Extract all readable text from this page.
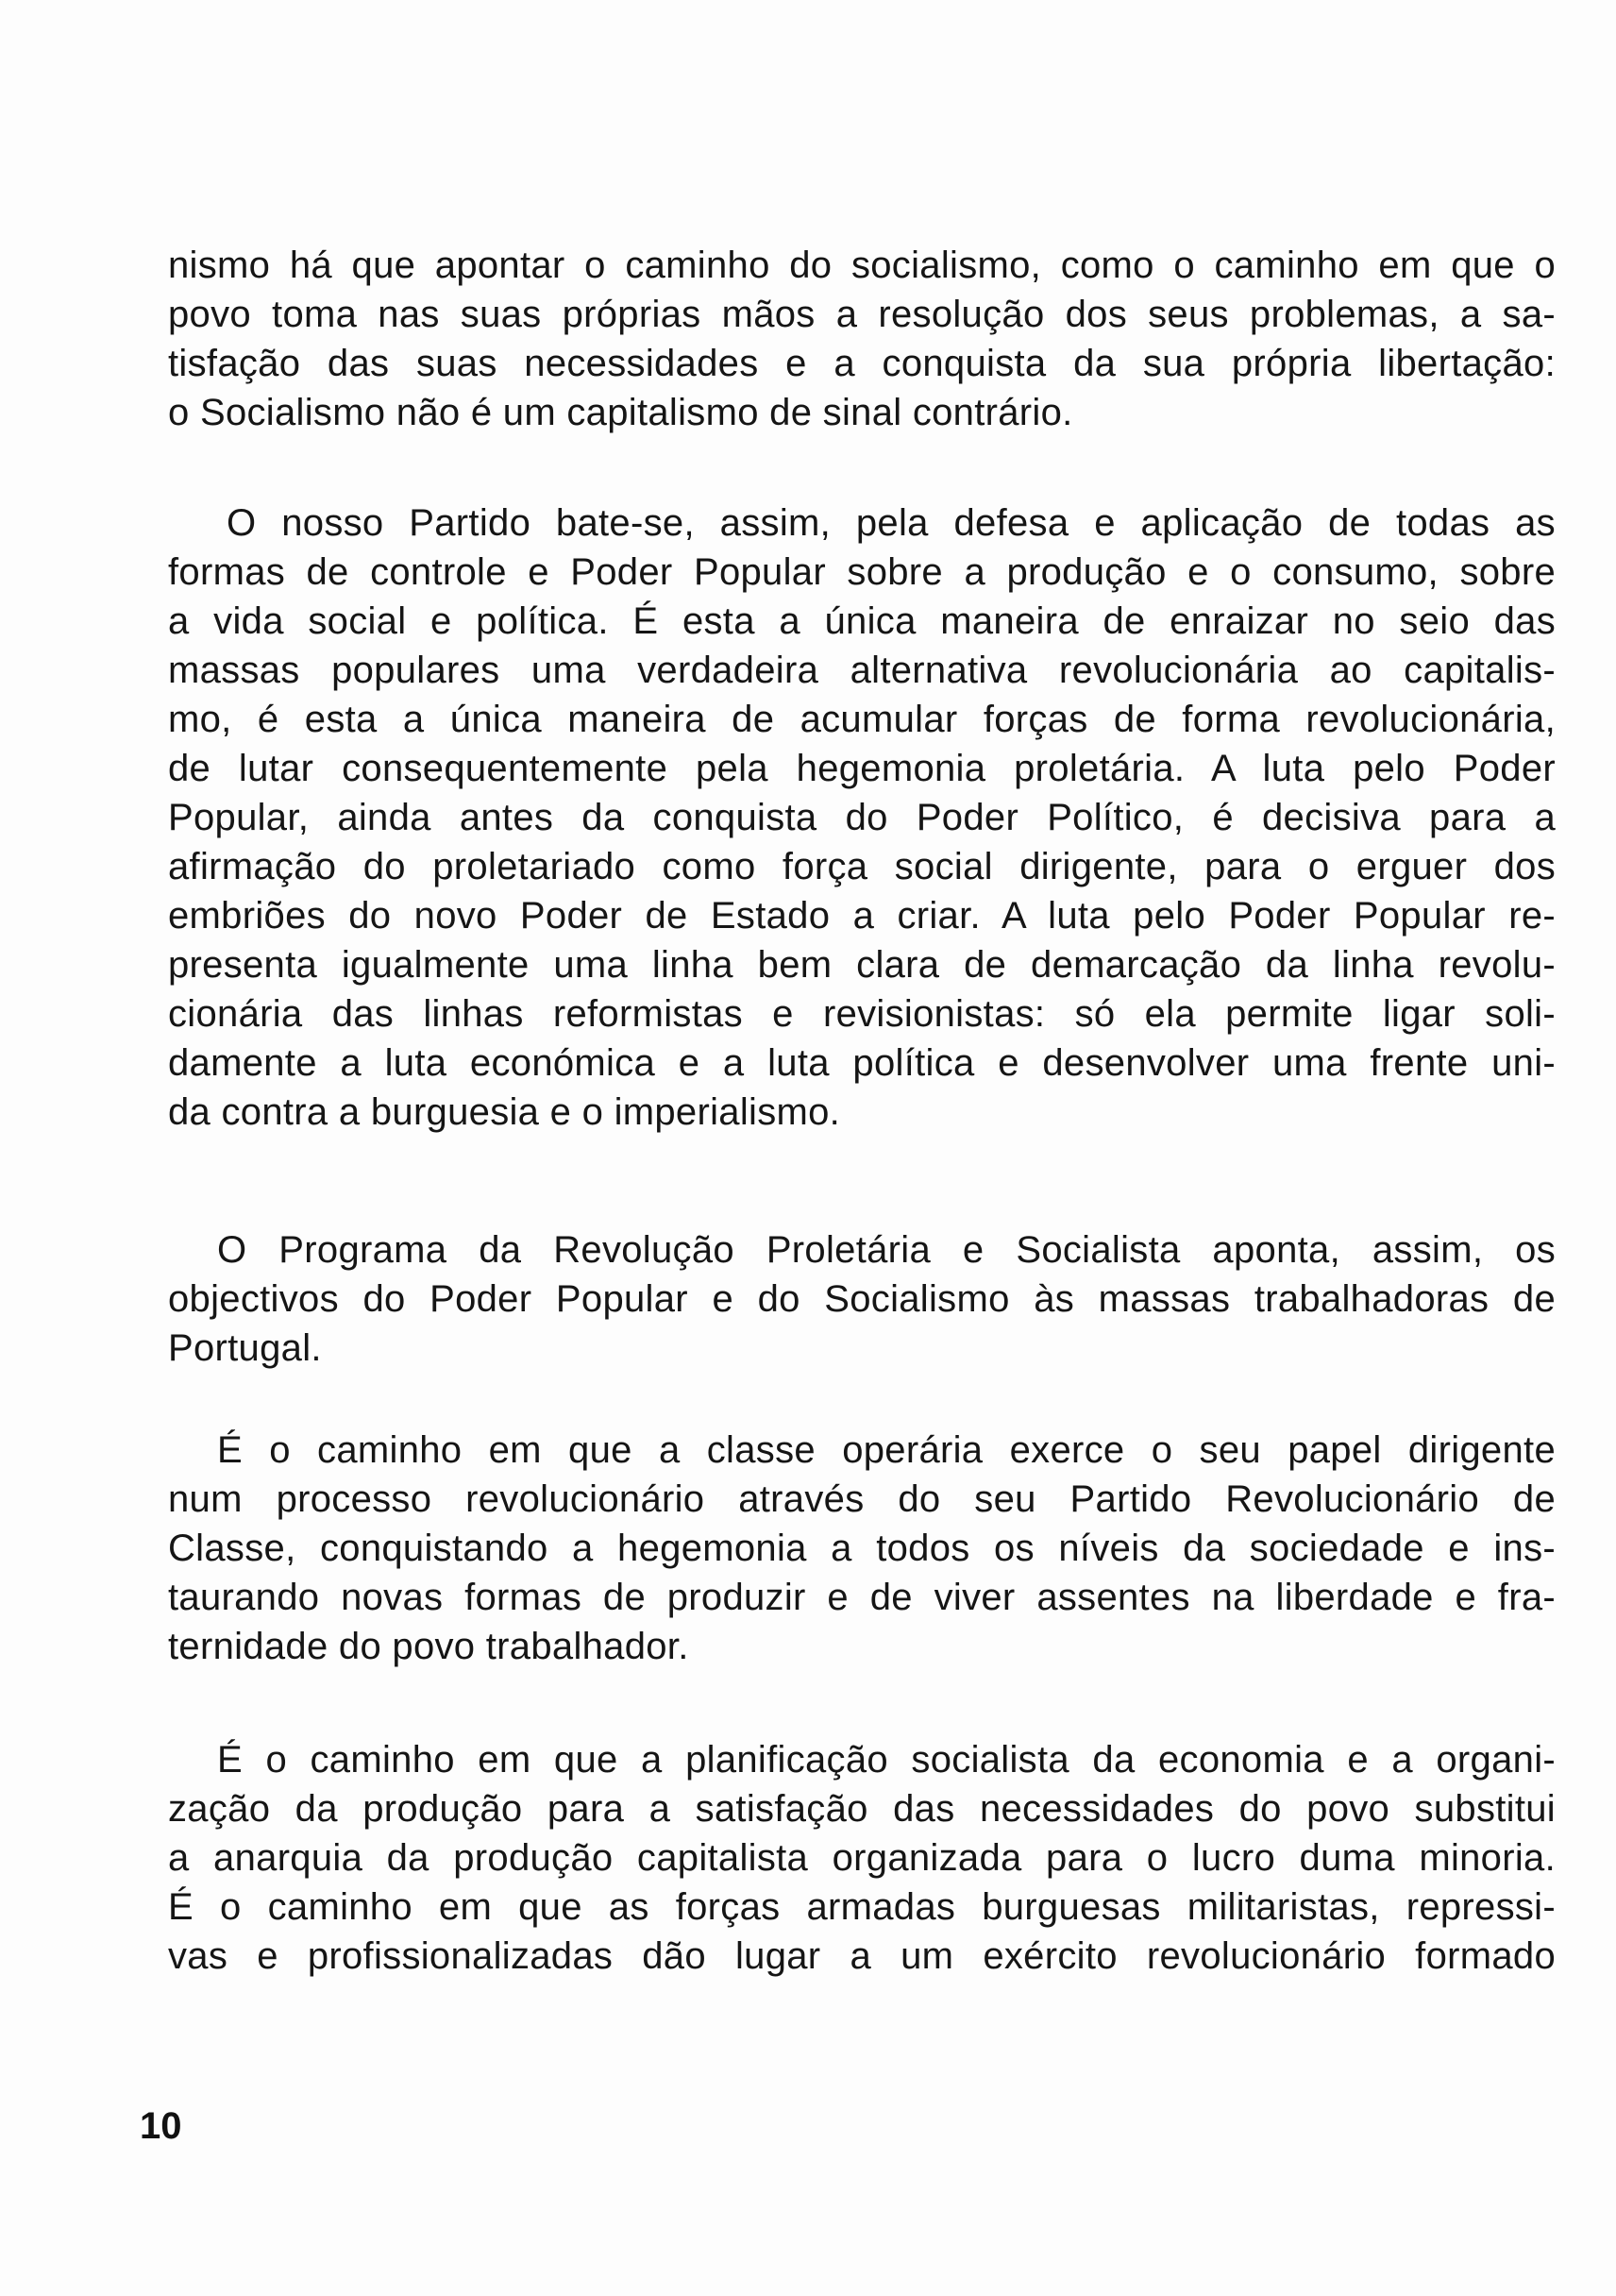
nismo há que apontar o caminho do socialismo, como o caminho em que o
povo toma nas suas próprias mãos a resolução dos seus problemas, a sa-
tisfação das suas necessidades e a conquista da sua própria libertação:
o Socialismo não é um capitalismo de sinal contrário.
O nosso Partido bate-se, assim, pela defesa e aplicação de todas as
formas de controle e Poder Popular sobre a produção e o consumo, sobre
a vida social e política. É esta a única maneira de enraizar no seio das
massas populares uma verdadeira alternativa revolucionária ao capitalis-
mo, é esta a única maneira de acumular forças de forma revolucionária,
de lutar consequentemente pela hegemonia proletária. A luta pelo Poder
Popular, ainda antes da conquista do Poder Político, é decisiva para a
afirmação do proletariado como força social dirigente, para o erguer dos
embriões do novo Poder de Estado a criar. A luta pelo Poder Popular re-
presenta igualmente uma linha bem clara de demarcação da linha revolu-
cionária das linhas reformistas e revisionistas: só ela permite ligar soli-
damente a luta económica e a luta política e desenvolver uma frente uni-
da contra a burguesia e o imperialismo.
O Programa da Revolução Proletária e Socialista aponta, assim, os
objectivos do Poder Popular e do Socialismo às massas trabalhadoras de
Portugal.
É o caminho em que a classe operária exerce o seu papel dirigente
num processo revolucionário através do seu Partido Revolucionário de
Classe, conquistando a hegemonia a todos os níveis da sociedade e ins-
taurando novas formas de produzir e de viver assentes na liberdade e fra-
ternidade do povo trabalhador.
É o caminho em que a planificação socialista da economia e a organi-
zação da produção para a satisfação das necessidades do povo substitui
a anarquia da produção capitalista organizada para o lucro duma minoria.
É o caminho em que as forças armadas burguesas militaristas, repressi-
vas e profissionalizadas dão lugar a um exército revolucionário formado
10
